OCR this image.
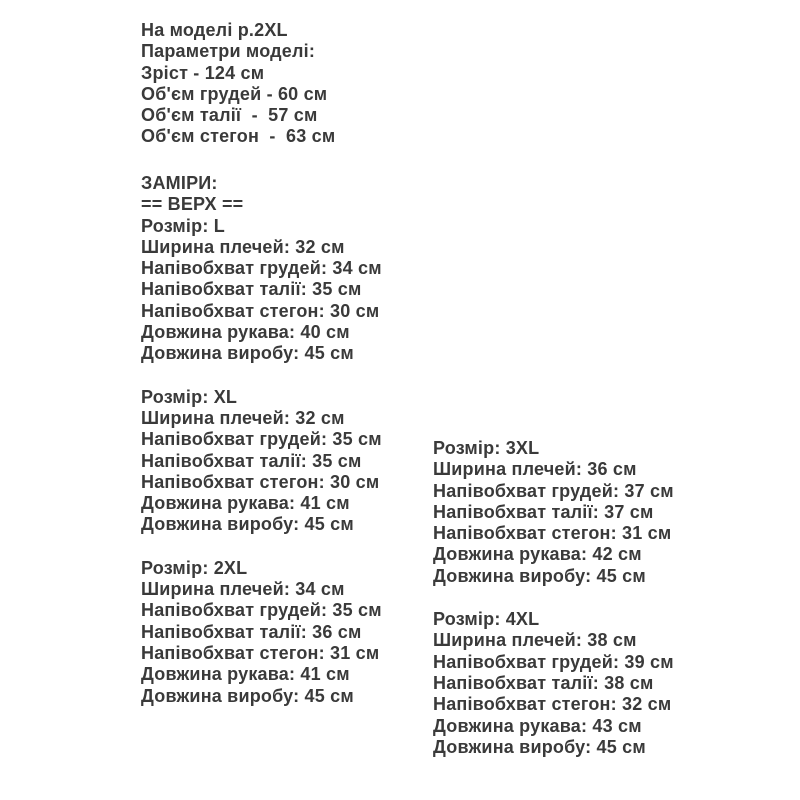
На моделі р.2XL
Параметри моделі:
Зріст - 124 см
Об'єм грудей - 60 см
Об'єм талії  -  57 см
Об'єм стегон  -  63 см
ЗАМІРИ:
== ВЕРХ ==
Розмір: L
Ширина плечей: 32 см
Напівобхват грудей: 34 см
Напівобхват талії: 35 см
Напівобхват стегон: 30 см
Довжина рукава: 40 см
Довжина виробу: 45 см
Розмір: XL
Ширина плечей: 32 см
Напівобхват грудей: 35 см
Напівобхват талії: 35 см
Напівобхват стегон: 30 см
Довжина рукава: 41 см
Довжина виробу: 45 см
Розмір: 2XL
Ширина плечей: 34 см
Напівобхват грудей: 35 см
Напівобхват талії: 36 см
Напівобхват стегон: 31 см
Довжина рукава: 41 см
Довжина виробу: 45 см
Розмір: 3XL
Ширина плечей: 36 см
Напівобхват грудей: 37 см
Напівобхват талії: 37 см
Напівобхват стегон: 31 см
Довжина рукава: 42 см
Довжина виробу: 45 см
Розмір: 4XL
Ширина плечей: 38 см
Напівобхват грудей: 39 см
Напівобхват талії: 38 см
Напівобхват стегон: 32 см
Довжина рукава: 43 см
Довжина виробу: 45 см
